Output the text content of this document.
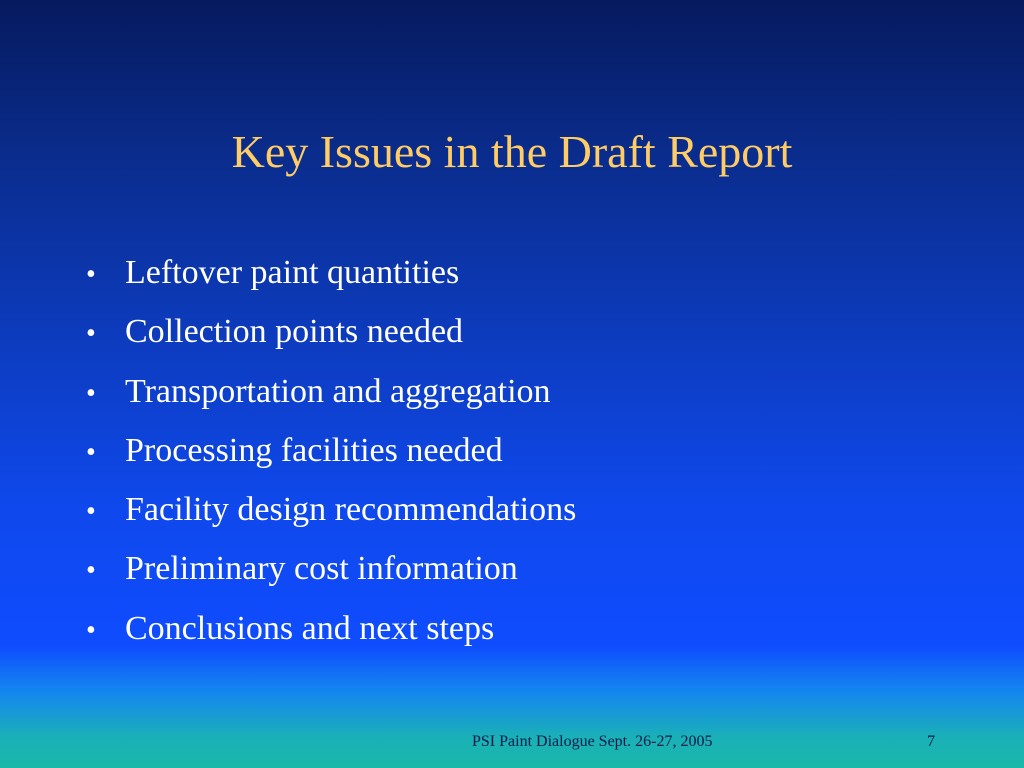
Key Issues in the Draft Report
• Leftover paint quantities
• Collection points needed
• Transportation and aggregation
• Processing facilities needed
• Facility design recommendations
• Preliminary cost information
• Conclusions and next steps
PSI Paint Dialogue Sept. 26-27, 2005	7
